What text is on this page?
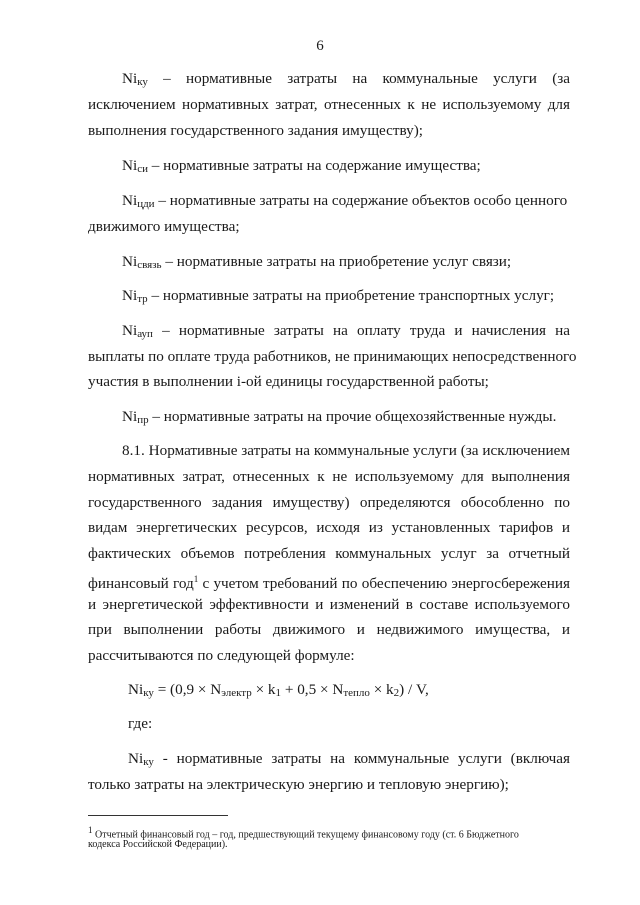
6
Niку – нормативные затраты на коммунальные услуги (за
исключением нормативных затрат, отнесенных к не используемому для
выполнения государственного задания имуществу);
Niси – нормативные затраты на содержание имущества;
Niцди – нормативные затраты на содержание объектов особо ценного
движимого имущества;
Niсвязь – нормативные затраты на приобретение услуг связи;
Niтр – нормативные затраты на приобретение транспортных услуг;
Niауп – нормативные затраты на оплату труда и начисления на
выплаты по оплате труда работников, не принимающих непосредственного
участия в выполнении i-ой единицы государственной работы;
Niпр – нормативные затраты на прочие общехозяйственные нужды.
8.1. Нормативные затраты на коммунальные услуги (за исключением
нормативных затрат, отнесенных к не используемому для выполнения
государственного задания имуществу) определяются обособленно по
видам энергетических ресурсов, исходя из установленных тарифов и
фактических объемов потребления коммунальных услуг за отчетный
финансовый год$^1$ с учетом требований по обеспечению энергосбережения
и энергетической эффективности и изменений в составе используемого
при выполнении работы движимого и недвижимого имущества, и
рассчитываются по следующей формуле:
Niку = (0,9 × Nэлектр × k1 + 0,5 × Nтепло × k2) / V,
где:
Niку - нормативные затраты на коммунальные услуги (включая
только затраты на электрическую энергию и тепловую энергию);
$^1$ Отчетный финансовый год – год, предшествующий текущему финансовому году (ст. 6 Бюджетного
кодекса Российской Федерации).
